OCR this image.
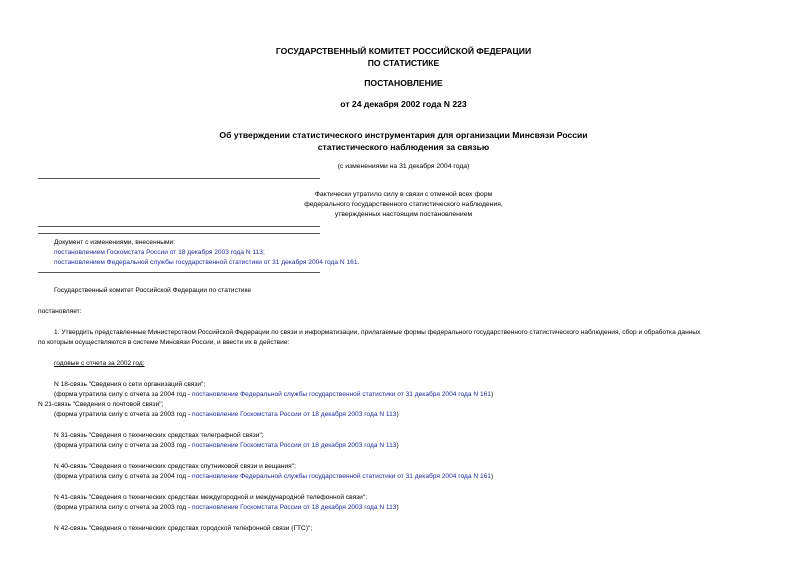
ГОСУДАРСТВЕННЫЙ КОМИТЕТ РОССИЙСКОЙ ФЕДЕРАЦИИ
ПО СТАТИСТИКЕ
ПОСТАНОВЛЕНИЕ
от 24 декабря 2002 года N 223
Об утверждении статистического инструментария для организации Минсвязи России
статистического наблюдения за связью
(с изменениями на 31 декабря 2004 года)
Фактически утратило силу в связи с отменой всех форм
федерального государственного статистического наблюдения,
утвержденных настоящим постановлением
Документ с изменениями, внесенными:
постановлением Госкомстата России от 18 декабря 2003 года N 113;
постановлением Федеральной службы государственной статистики от 31 декабря 2004 года N 161.
Государственный комитет Российской Федерации по статистике
постановляет:
1. Утвердить представленные Министерством Российской Федерации по связи и информатизации, прилагаемые формы федерального государственного статистического наблюдения, сбор и обработка данных
по которым осуществляются в системе Минсвязи России, и ввести их в действие:
годовые с отчета за 2002 год:
N 18-связь "Сведения о сети организаций связи";
(форма утратила силу с отчета за 2004 год - постановление Федеральной службы государственной статистики от 31 декабря 2004 года N 161)
N 21-связь "Сведения о почтовой связи";
(форма утратила силу с отчета за 2003 год - постановление Госкомстата России от 18 декабря 2003 года N 113)
N 31-связь "Сведения о технических средствах телеграфной связи";
(форма утратила силу с отчета за 2003 год - постановление Госкомстата России от 18 декабря 2003 года N 113)
N 40-связь "Сведения о технических средствах спутниковой связи и вещания";
(форма утратила силу с отчета за 2004 год - постановление Федеральной службы государственной статистики от 31 декабря 2004 года N 161)
N 41-связь "Сведения о технических средствах междугородной и международной телефонной связи";
(форма утратила силу с отчета за 2003 год - постановление Госкомстата России от 18 декабря 2003 года N 113)
N 42-связь "Сведения о технических средствах городской телефонной связи (ГТС)";
